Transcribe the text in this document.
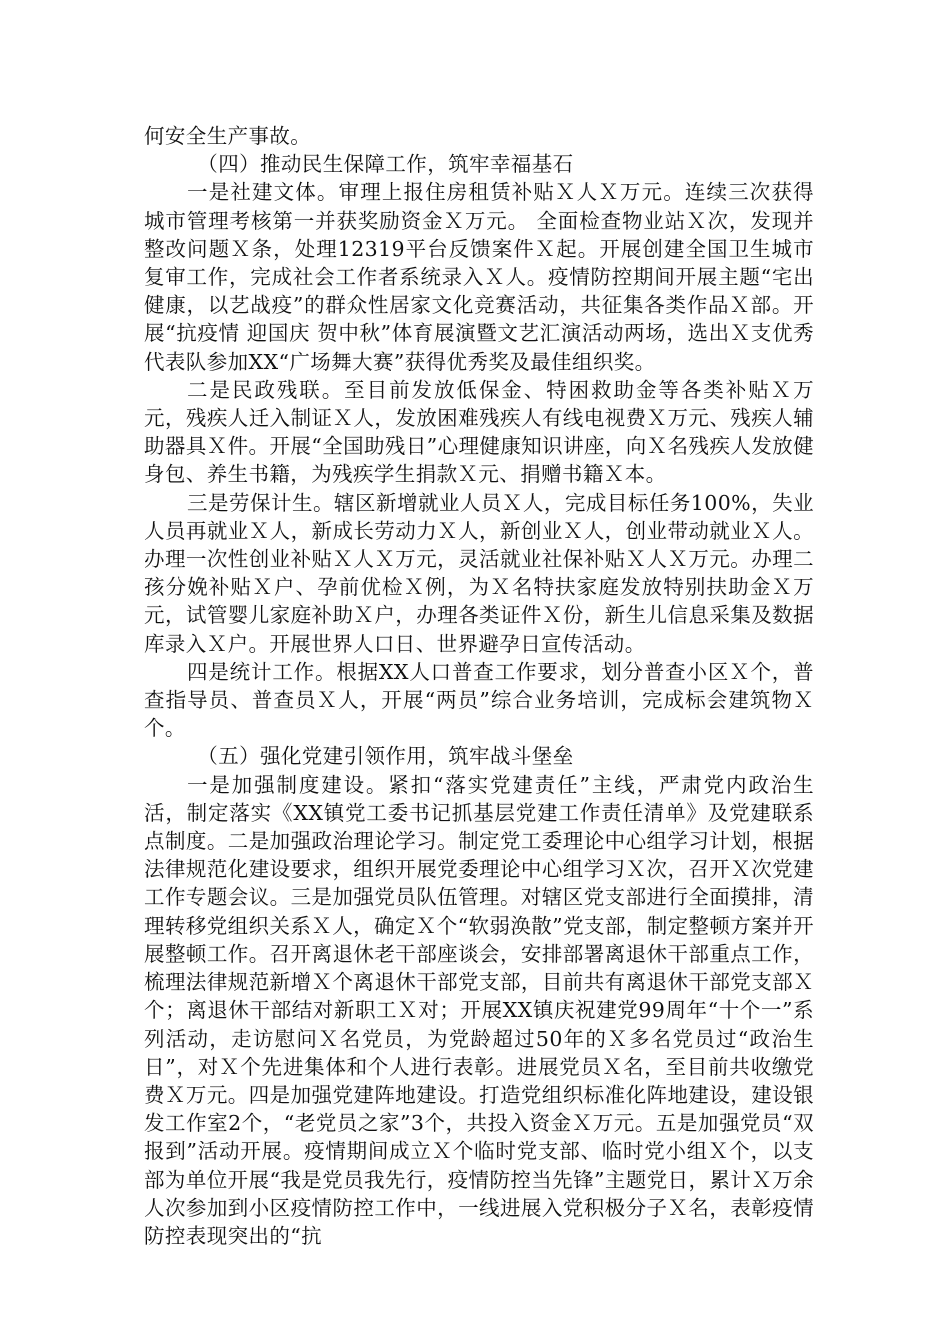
何安全生产事故。

（四）推动民生保障工作，筑牢幸福基石

一是社建文体。审理上报住房租赁补贴Ｘ人Ｘ万元。连续三次获得城市管理考核第一并获奖励资金Ｘ万元。 全面检查物业站Ｘ次，发现并整改问题Ｘ条，处理12319平台反馈案件Ｘ起。开展创建全国卫生城市复审工作，完成社会工作者系统录入Ｘ人。疫情防控期间开展主题“宅出健康，以艺战疫”的群众性居家文化竞赛活动，共征集各类作品Ｘ部。开展“抗疫情 迎国庆 贺中秋”体育展演暨文艺汇演活动两场，选出Ｘ支优秀代表队参加XX“广场舞大赛”获得优秀奖及最佳组织奖。

二是民政残联。至目前发放低保金、特困救助金等各类补贴Ｘ万元，残疾人迁入制证Ｘ人，发放困难残疾人有线电视费Ｘ万元、残疾人辅助器具Ｘ件。开展“全国助残日”心理健康知识讲座，向Ｘ名残疾人发放健身包、养生书籍，为残疾学生捐款Ｘ元、捐赠书籍Ｘ本。

三是劳保计生。辖区新增就业人员Ｘ人，完成目标任务100%，失业人员再就业Ｘ人，新成长劳动力Ｘ人，新创业Ｘ人，创业带动就业Ｘ人。办理一次性创业补贴Ｘ人Ｘ万元，灵活就业社保补贴Ｘ人Ｘ万元。办理二孩分娩补贴Ｘ户、孕前优检Ｘ例，为Ｘ名特扶家庭发放特别扶助金Ｘ万元，试管婴儿家庭补助Ｘ户，办理各类证件Ｘ份，新生儿信息采集及数据库录入Ｘ户。开展世界人口日、世界避孕日宣传活动。

四是统计工作。根据XX人口普查工作要求，划分普查小区Ｘ个，普查指导员、普查员Ｘ人，开展“两员”综合业务培训，完成标会建筑物Ｘ个。

（五）强化党建引领作用，筑牢战斗堡垒

一是加强制度建设。紧扣“落实党建责任”主线，严肃党内政治生活，制定落实《XX镇党工委书记抓基层党建工作责任清单》及党建联系点制度。二是加强政治理论学习。制定党工委理论中心组学习计划，根据法律规范化建设要求，组织开展党委理论中心组学习Ｘ次，召开Ｘ次党建工作专题会议。三是加强党员队伍管理。对辖区党支部进行全面摸排，清理转移党组织关系Ｘ人，确定Ｘ个“软弱涣散”党支部，制定整顿方案并开展整顿工作。召开离退休老干部座谈会，安排部署离退休干部重点工作，梳理法律规范新增Ｘ个离退休干部党支部，目前共有离退休干部党支部Ｘ个；离退休干部结对新职工Ｘ对；开展XX镇庆祝建党99周年“十个一”系列活动，走访慰问Ｘ名党员，为党龄超过50年的Ｘ多名党员过“政治生日”，对Ｘ个先进集体和个人进行表彰。进展党员Ｘ名，至目前共收缴党费Ｘ万元。四是加强党建阵地建设。打造党组织标准化阵地建设，建设银发工作室2个，“老党员之家”3个，共投入资金Ｘ万元。五是加强党员“双报到”活动开展。疫情期间成立Ｘ个临时党支部、临时党小组Ｘ个，以支部为单位开展“我是党员我先行，疫情防控当先锋”主题党日，累计Ｘ万余人次参加到小区疫情防控工作中，一线进展入党积极分子Ｘ名，表彰疫情防控表现突出的“抗
